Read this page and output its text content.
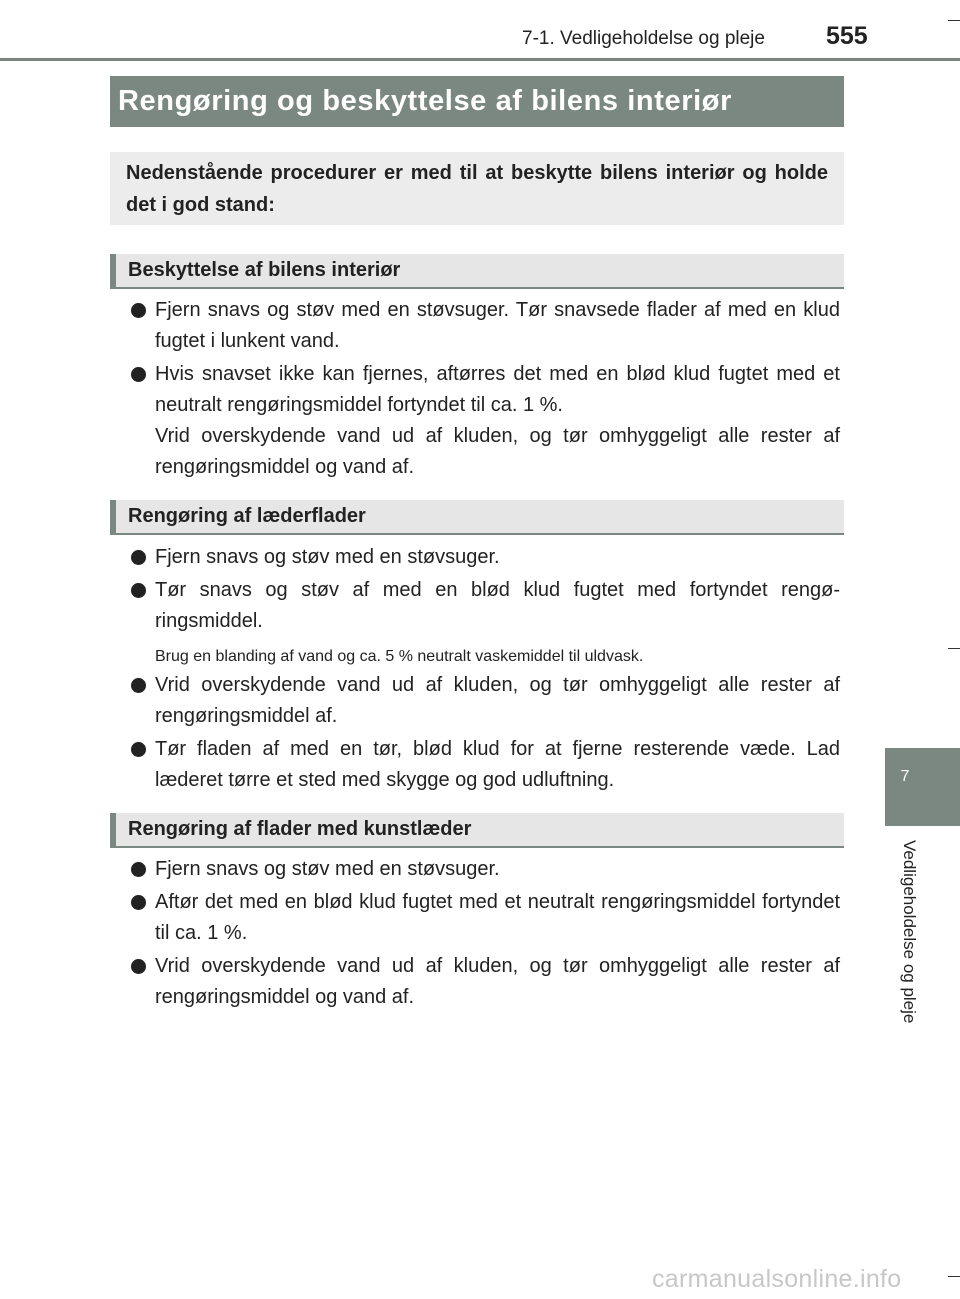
7-1. Vedligeholdelse og pleje 555
Rengøring og beskyttelse af bilens interiør
Nedenstående procedurer er med til at beskytte bilens interiør og holde det i god stand:
Beskyttelse af bilens interiør

Fjern snavs og støv med en støvsuger. Tør snavsede flader af med en klud fugtet i lunkent vand.

Hvis snavset ikke kan fjernes, aftørres det med en blød klud fugtet med et neutralt rengøringsmiddel fortyndet til ca. 1 %.

Vrid overskydende vand ud af kluden, og tør omhyggeligt alle rester af rengøringsmiddel og vand af.

Rengøring af læderflader

Fjern snavs og støv med en støvsuger.

Tør snavs og støv af med en blød klud fugtet med fortyndet rengø-ringsmiddel.

Brug en blanding af vand og ca. 5 % neutralt vaskemiddel til uldvask.

Vrid overskydende vand ud af kluden, og tør omhyggeligt alle rester af rengøringsmiddel af.

Tør fladen af med en tør, blød klud for at fjerne resterende væde. Lad læderet tørre et sted med skygge og god udluftning.

Rengøring af flader med kunstlæder

Fjern snavs og støv med en støvsuger.

Aftør det med en blød klud fugtet med et neutralt rengøringsmiddel fortyndet til ca. 1 %.

Vrid overskydende vand ud af kluden, og tør omhyggeligt alle rester af rengøringsmiddel og vand af.

7
Vedligeholdelse og pleje
carmanualsonline.info
